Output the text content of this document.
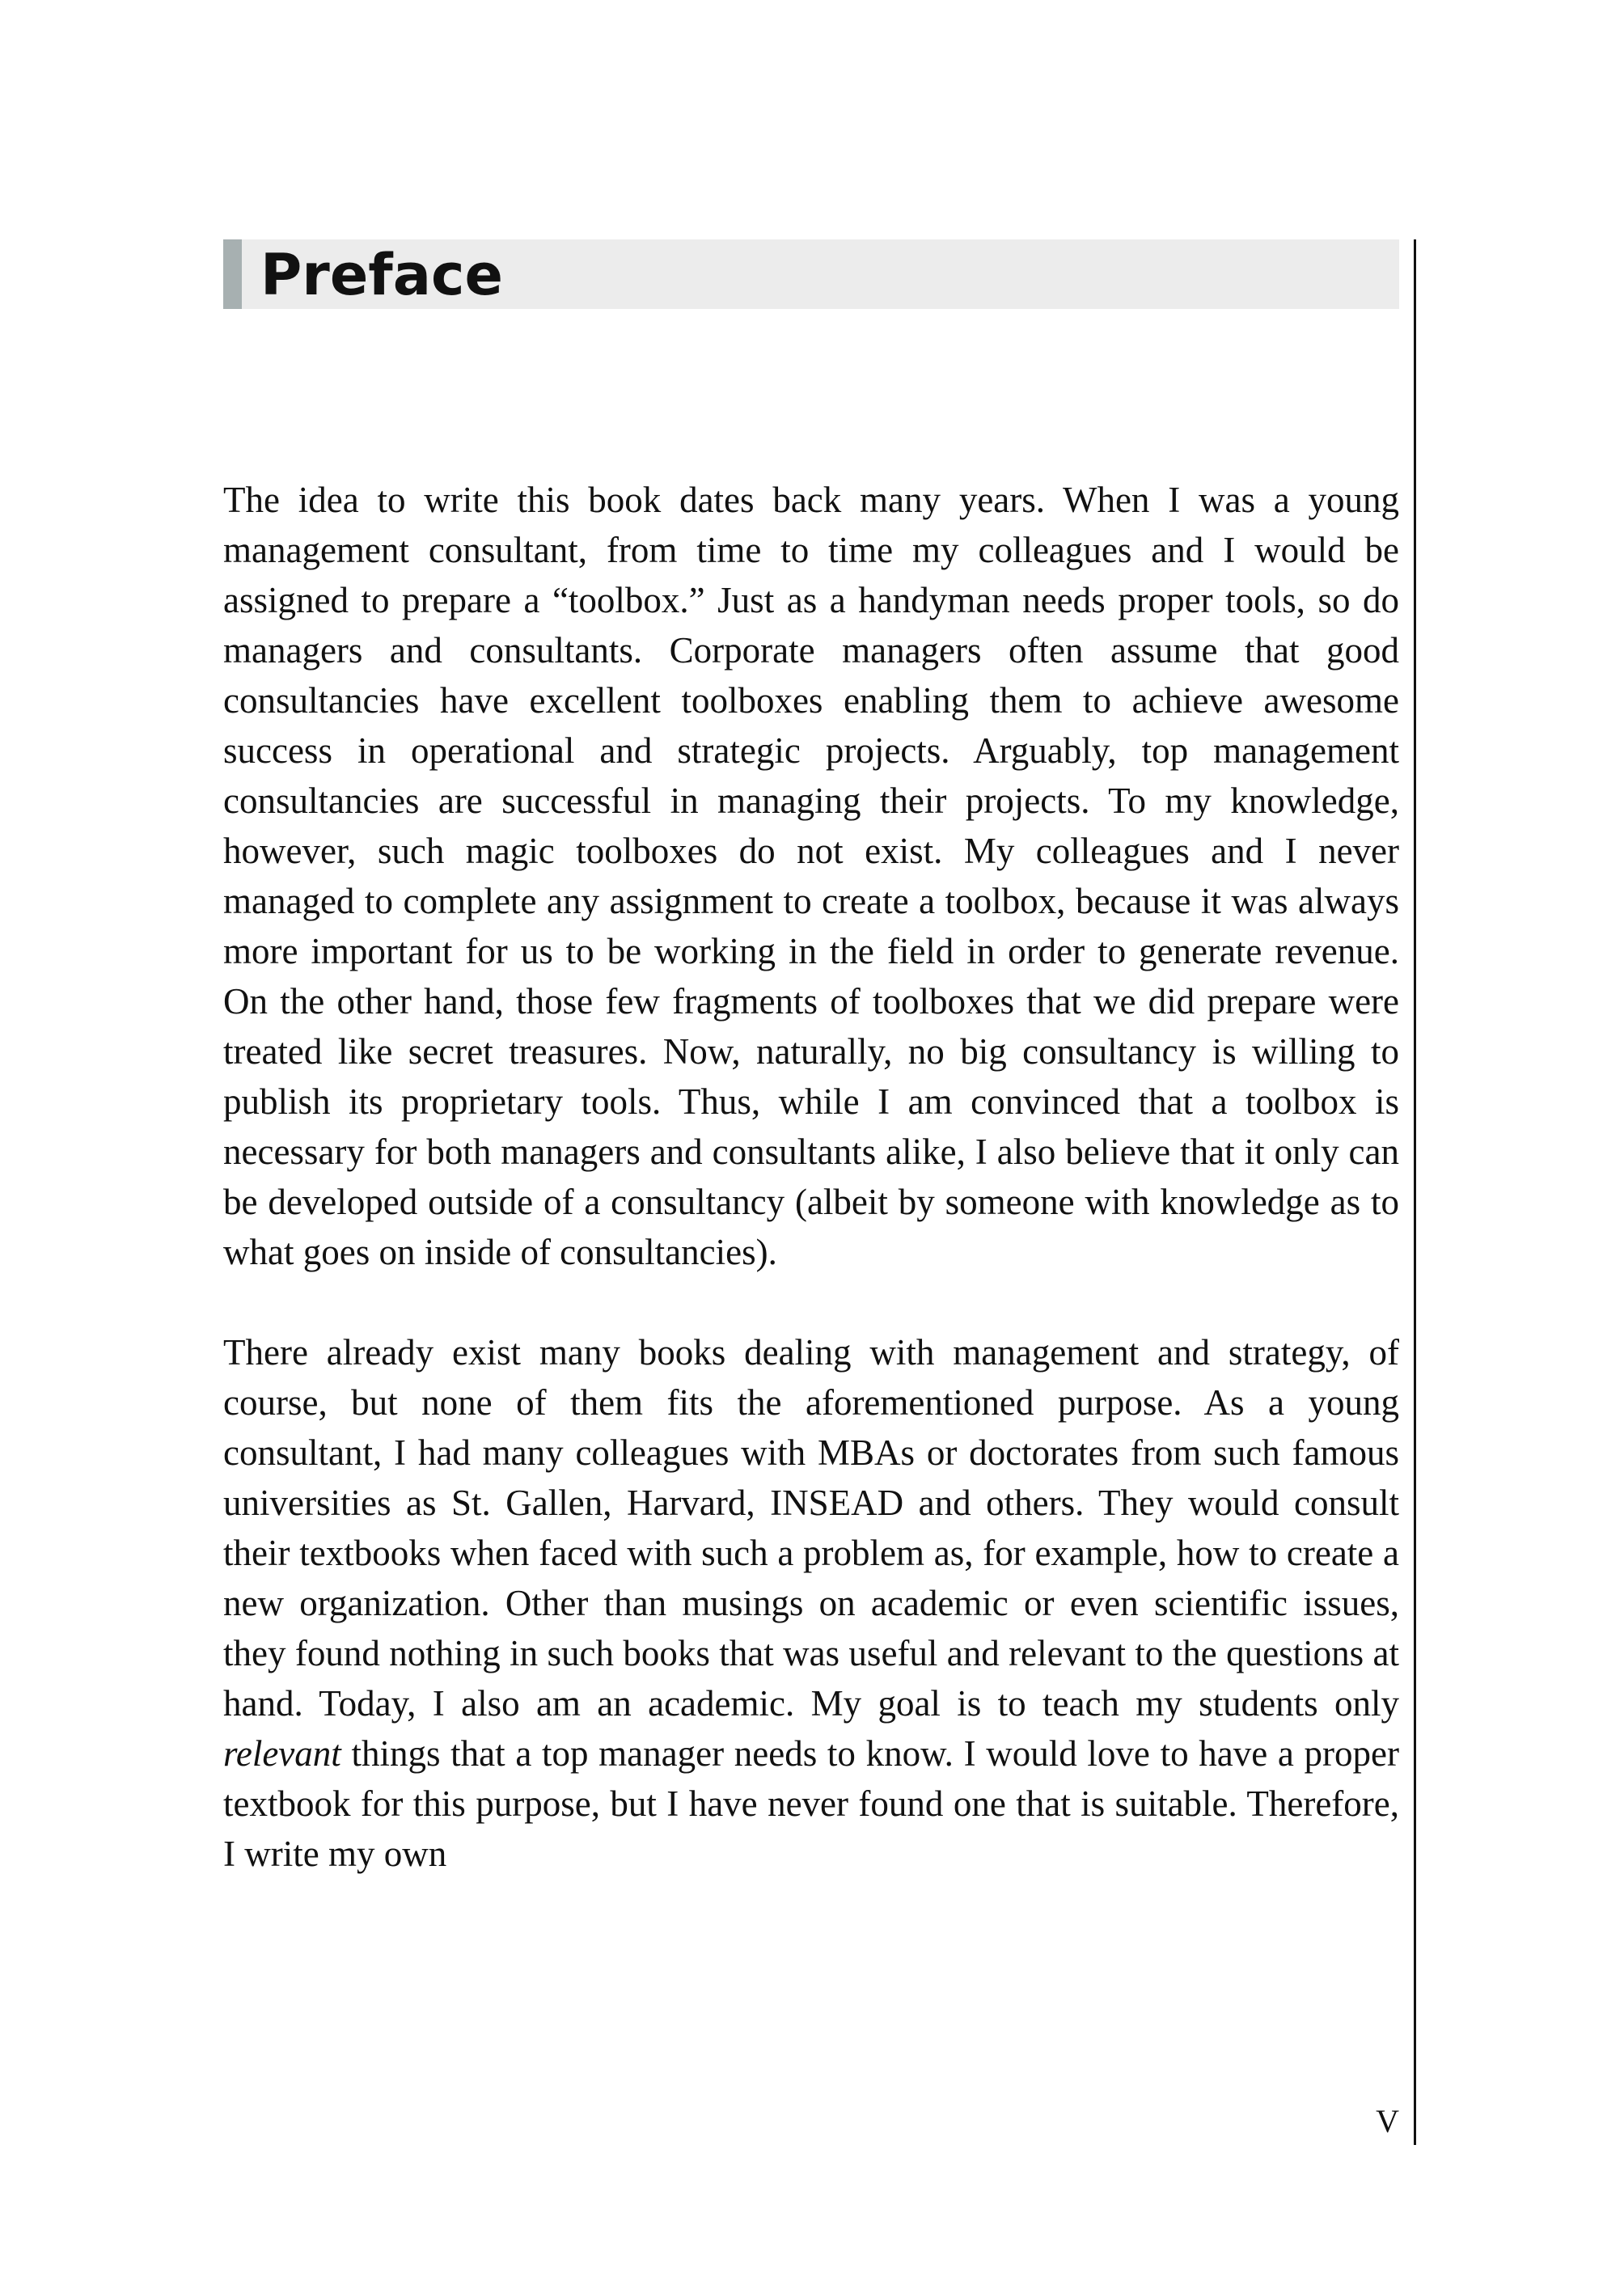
Preface

The idea to write this book dates back many years. When I was a young management consultant, from time to time my colleagues and I would be assigned to prepare a “toolbox.” Just as a handyman needs proper tools, so do managers and consultants. Corporate managers often assume that good consultancies have excellent toolboxes enabling them to achieve awesome success in operational and strategic projects. Arguably, top management consultancies are successful in managing their projects. To my knowledge, however, such magic toolboxes do not exist. My colleagues and I never managed to complete any assignment to create a toolbox, because it was always more important for us to be working in the field in order to generate revenue. On the other hand, those few fragments of toolboxes that we did prepare were treated like secret treasures. Now, naturally, no big consultancy is willing to publish its proprietary tools. Thus, while I am convinced that a toolbox is necessary for both managers and consultants alike, I also believe that it only can be developed outside of a consultancy (albeit by someone with knowledge as to what goes on inside of consultancies).

There already exist many books dealing with management and strategy, of course, but none of them fits the aforementioned purpose. As a young consultant, I had many colleagues with MBAs or doctorates from such famous universities as St. Gallen, Harvard, INSEAD and others. They would consult their textbooks when faced with such a problem as, for example, how to create a new organization. Other than musings on academic or even scientific issues, they found nothing in such books that was useful and relevant to the questions at hand. Today, I also am an academic. My goal is to teach my students only relevant things that a top manager needs to know. I would love to have a proper textbook for this purpose, but I have never found one that is suitable. Therefore, I write my own

V
